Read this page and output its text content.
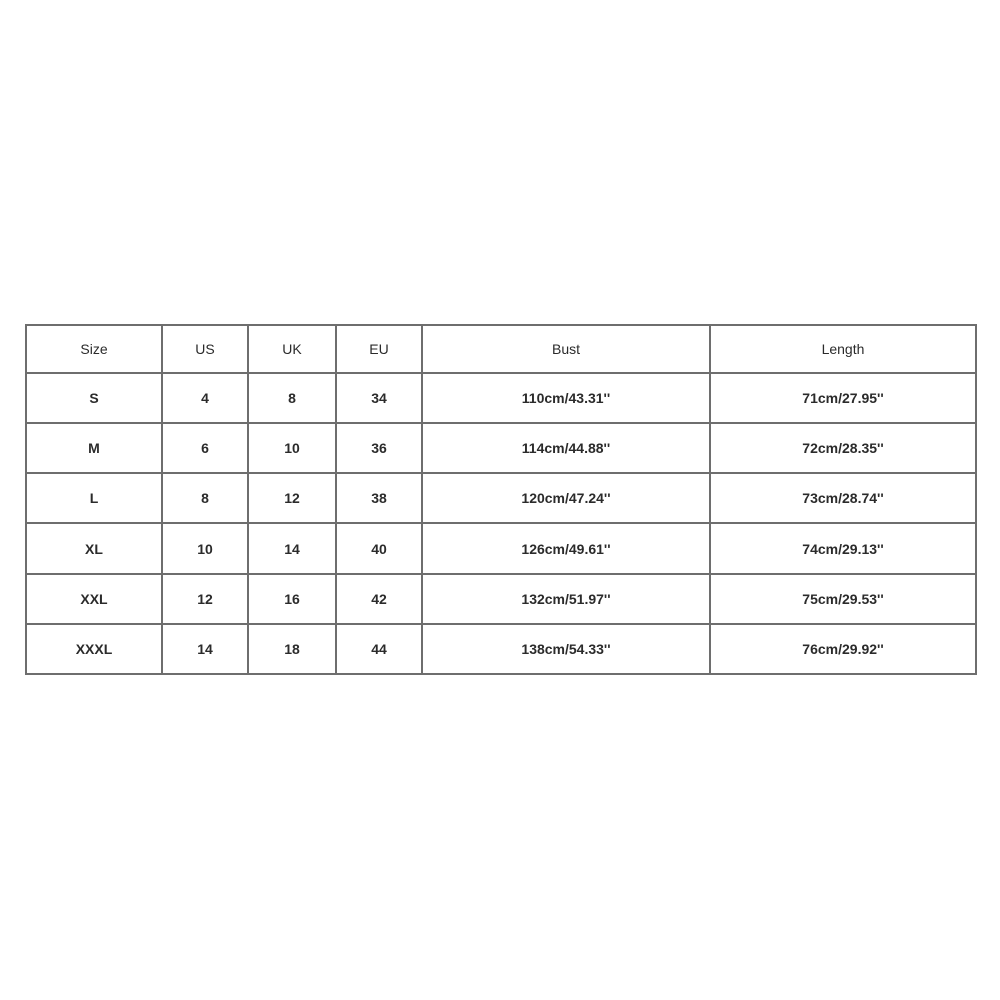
Size	US	UK	EU	Bust	Length
S	4	8	34	110cm/43.31''	71cm/27.95''
M	6	10	36	114cm/44.88''	72cm/28.35''
L	8	12	38	120cm/47.24''	73cm/28.74''
XL	10	14	40	126cm/49.61''	74cm/29.13''
XXL	12	16	42	132cm/51.97''	75cm/29.53''
XXXL	14	18	44	138cm/54.33''	76cm/29.92''
